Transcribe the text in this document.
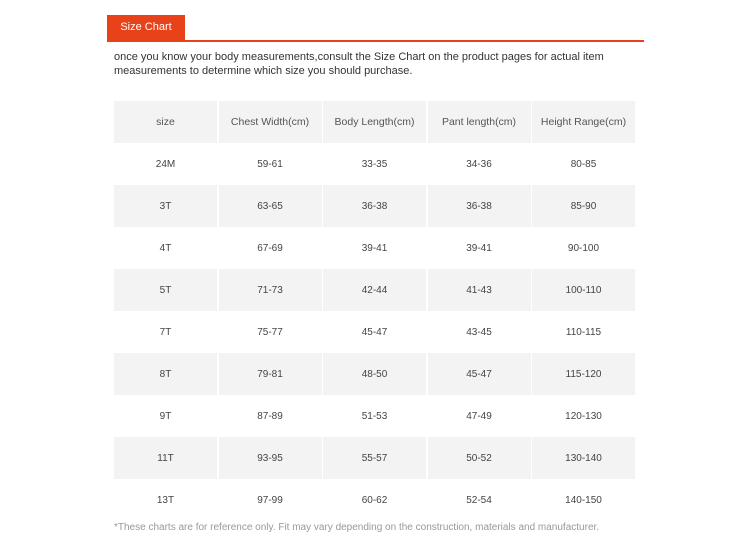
Size Chart
once you know your body measurements,consult the Size Chart on the product pages for actual item measurements to determine which size you should purchase.
size	Chest Width(cm)	Body Length(cm)	Pant length(cm)	Height Range(cm)
24M	59-61	33-35	34-36	80-85
3T	63-65	36-38	36-38	85-90
4T	67-69	39-41	39-41	90-100
5T	71-73	42-44	41-43	100-110
7T	75-77	45-47	43-45	110-115
8T	79-81	48-50	45-47	115-120
9T	87-89	51-53	47-49	120-130
11T	93-95	55-57	50-52	130-140
13T	97-99	60-62	52-54	140-150
*These charts are for reference only. Fit may vary depending on the construction, materials and manufacturer.
